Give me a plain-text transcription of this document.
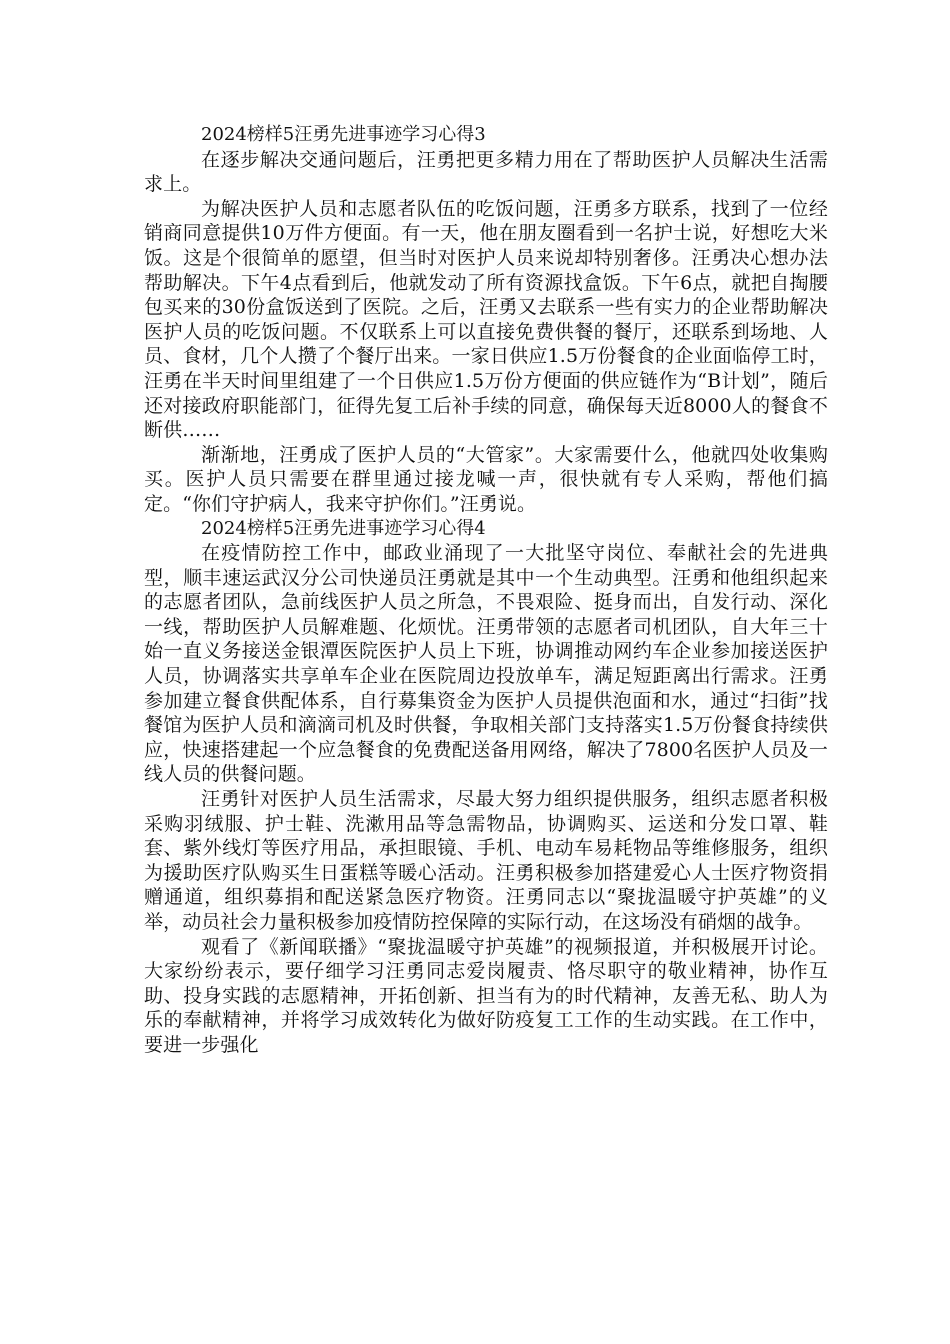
2024榜样5汪勇先进事迹学习心得3

在逐步解决交通问题后，汪勇把更多精力用在了帮助医护人员解决生活需求上。

为解决医护人员和志愿者队伍的吃饭问题，汪勇多方联系，找到了一位经销商同意提供10万件方便面。有一天，他在朋友圈看到一名护士说，好想吃大米饭。这是个很简单的愿望，但当时对医护人员来说却特别奢侈。汪勇决心想办法帮助解决。下午4点看到后，他就发动了所有资源找盒饭。下午6点，就把自掏腰包买来的30份盒饭送到了医院。之后，汪勇又去联系一些有实力的企业帮助解决医护人员的吃饭问题。不仅联系上可以直接免费供餐的餐厅，还联系到场地、人员、食材，几个人攒了个餐厅出来。一家日供应1.5万份餐食的企业面临停工时，汪勇在半天时间里组建了一个日供应1.5万份方便面的供应链作为“B计划”，随后还对接政府职能部门，征得先复工后补手续的同意，确保每天近8000人的餐食不断供……

渐渐地，汪勇成了医护人员的“大管家”。大家需要什么，他就四处收集购买。医护人员只需要在群里通过接龙喊一声，很快就有专人采购，帮他们搞定。“你们守护病人，我来守护你们。”汪勇说。

2024榜样5汪勇先进事迹学习心得4

在疫情防控工作中，邮政业涌现了一大批坚守岗位、奉献社会的先进典型，顺丰速运武汉分公司快递员汪勇就是其中一个生动典型。汪勇和他组织起来的志愿者团队，急前线医护人员之所急，不畏艰险、挺身而出，自发行动、深化一线，帮助医护人员解难题、化烦忧。汪勇带领的志愿者司机团队，自大年三十始一直义务接送金银潭医院医护人员上下班，协调推动网约车企业参加接送医护人员，协调落实共享单车企业在医院周边投放单车，满足短距离出行需求。汪勇参加建立餐食供配体系，自行募集资金为医护人员提供泡面和水，通过“扫街”找餐馆为医护人员和滴滴司机及时供餐，争取相关部门支持落实1.5万份餐食持续供应，快速搭建起一个应急餐食的免费配送备用网络，解决了7800名医护人员及一线人员的供餐问题。

汪勇针对医护人员生活需求，尽最大努力组织提供服务，组织志愿者积极采购羽绒服、护士鞋、洗漱用品等急需物品，协调购买、运送和分发口罩、鞋套、紫外线灯等医疗用品，承担眼镜、手机、电动车易耗物品等维修服务，组织为援助医疗队购买生日蛋糕等暖心活动。汪勇积极参加搭建爱心人士医疗物资捐赠通道，组织募捐和配送紧急医疗物资。汪勇同志以“聚拢温暖守护英雄”的义举，动员社会力量积极参加疫情防控保障的实际行动，在这场没有硝烟的战争。

观看了《新闻联播》“聚拢温暖守护英雄”的视频报道，并积极展开讨论。大家纷纷表示，要仔细学习汪勇同志爱岗履责、恪尽职守的敬业精神，协作互助、投身实践的志愿精神，开拓创新、担当有为的时代精神，友善无私、助人为乐的奉献精神，并将学习成效转化为做好防疫复工工作的生动实践。在工作中，要进一步强化
